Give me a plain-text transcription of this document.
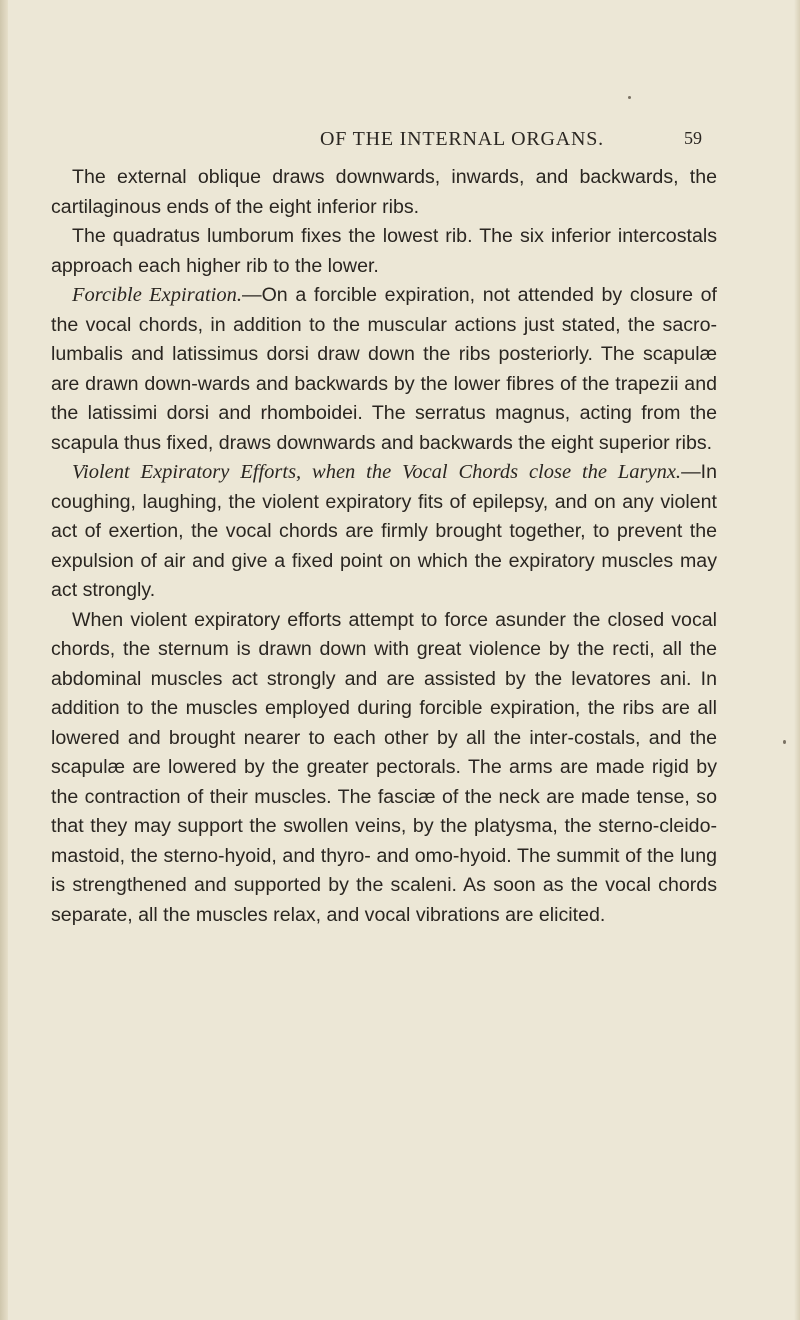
OF THE INTERNAL ORGANS.	59

The external oblique draws downwards, inwards, and backwards, the cartilaginous ends of the eight inferior ribs.

The quadratus lumborum fixes the lowest rib. The six inferior intercostals approach each higher rib to the lower.

Forcible Expiration.—On a forcible expiration, not attended by closure of the vocal chords, in addition to the muscular actions just stated, the sacro-lumbalis and latissimus dorsi draw down the ribs posteriorly. The scapulæ are drawn down-wards and backwards by the lower fibres of the trapezii and the latissimi dorsi and rhomboidei. The serratus magnus, acting from the scapula thus fixed, draws downwards and backwards the eight superior ribs.

Violent Expiratory Efforts, when the Vocal Chords close the Larynx.—In coughing, laughing, the violent expiratory fits of epilepsy, and on any violent act of exertion, the vocal chords are firmly brought together, to prevent the expulsion of air and give a fixed point on which the expiratory muscles may act strongly.

When violent expiratory efforts attempt to force asunder the closed vocal chords, the sternum is drawn down with great violence by the recti, all the abdominal muscles act strongly and are assisted by the levatores ani. In addition to the muscles employed during forcible expiration, the ribs are all lowered and brought nearer to each other by all the inter-costals, and the scapulæ are lowered by the greater pectorals. The arms are made rigid by the contraction of their muscles. The fasciæ of the neck are made tense, so that they may support the swollen veins, by the platysma, the sterno-cleido-mastoid, the sterno-hyoid, and thyro- and omo-hyoid. The summit of the lung is strengthened and supported by the scaleni. As soon as the vocal chords separate, all the muscles relax, and vocal vibrations are elicited.
